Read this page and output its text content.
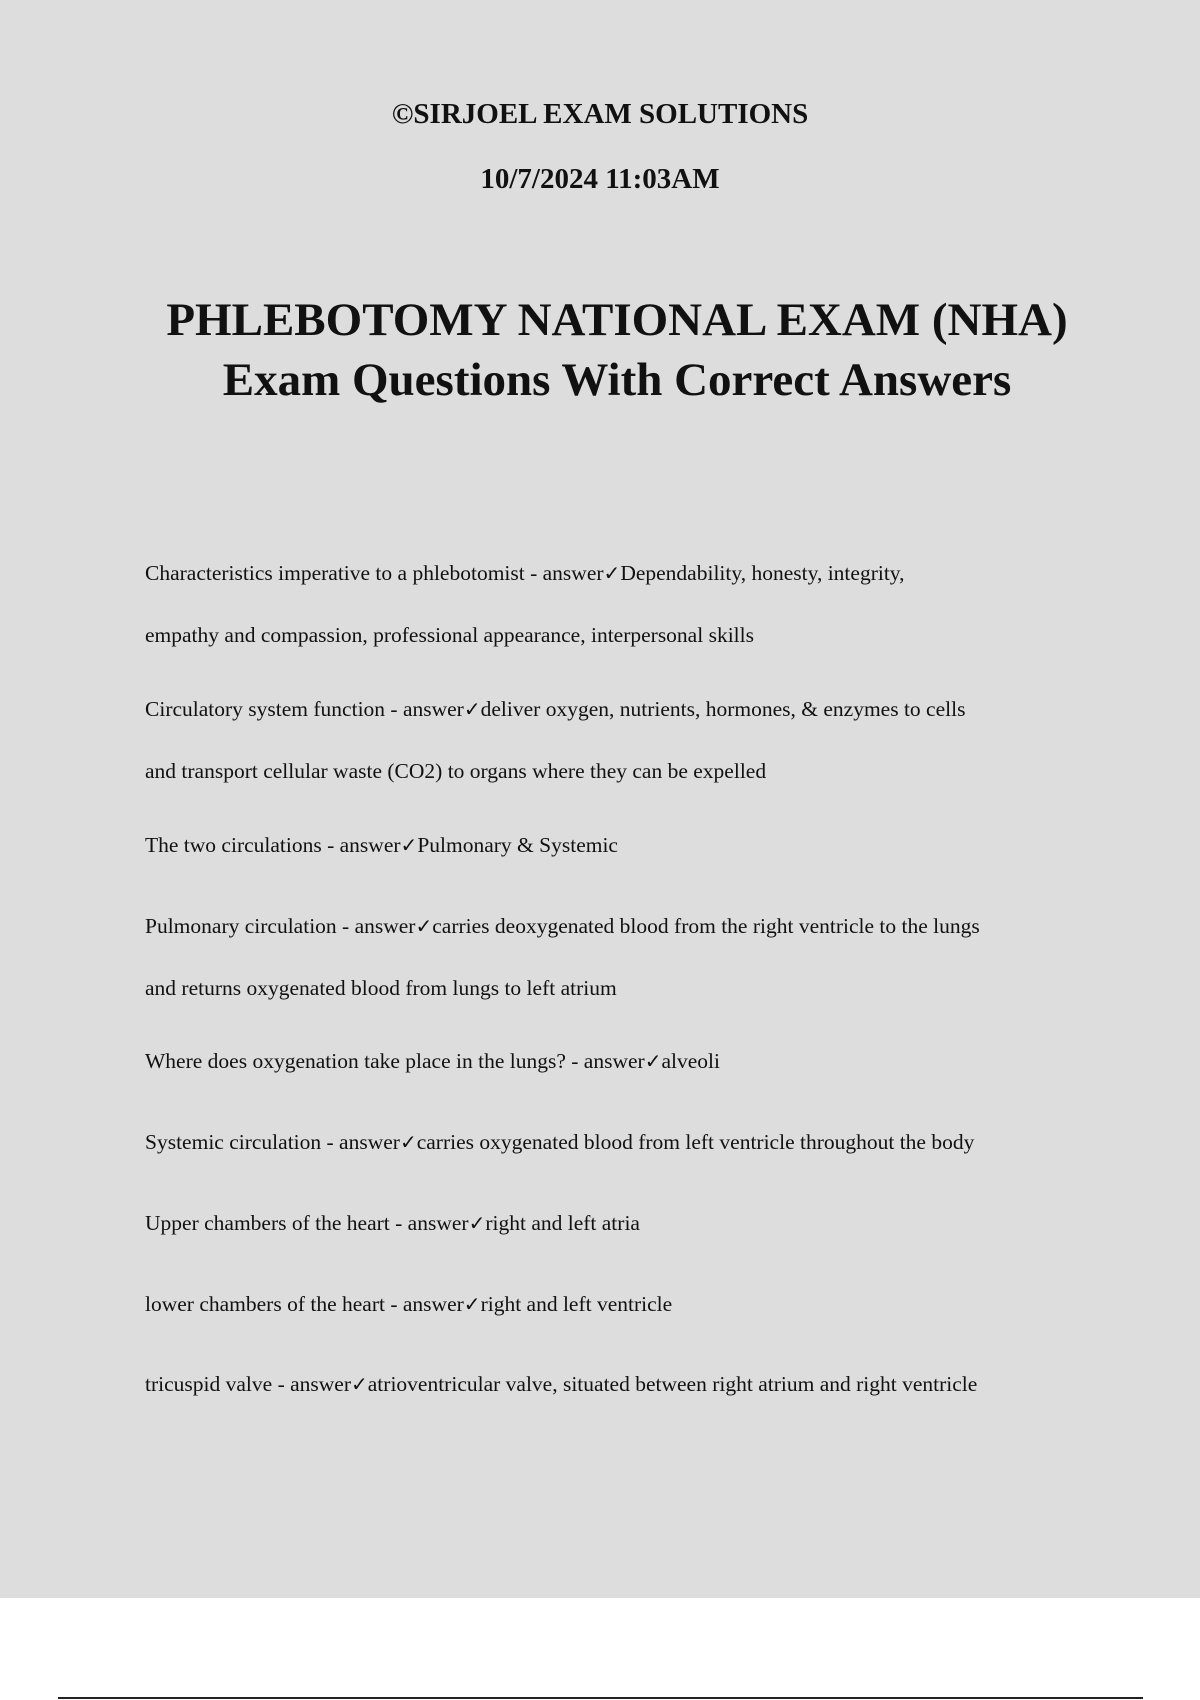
©SIRJOEL EXAM SOLUTIONS
10/7/2024 11:03AM
PHLEBOTOMY NATIONAL EXAM (NHA)
Exam Questions With Correct Answers
Characteristics imperative to a phlebotomist - answer✓Dependability, honesty, integrity,
empathy and compassion, professional appearance, interpersonal skills
Circulatory system function - answer✓deliver oxygen, nutrients, hormones, & enzymes to cells
and transport cellular waste (CO2) to organs where they can be expelled
The two circulations - answer✓Pulmonary & Systemic
Pulmonary circulation - answer✓carries deoxygenated blood from the right ventricle to the lungs
and returns oxygenated blood from lungs to left atrium
Where does oxygenation take place in the lungs? - answer✓alveoli
Systemic circulation - answer✓carries oxygenated blood from left ventricle throughout the body
Upper chambers of the heart - answer✓right and left atria
lower chambers of the heart - answer✓right and left ventricle
tricuspid valve - answer✓atrioventricular valve, situated between right atrium and right ventricle
